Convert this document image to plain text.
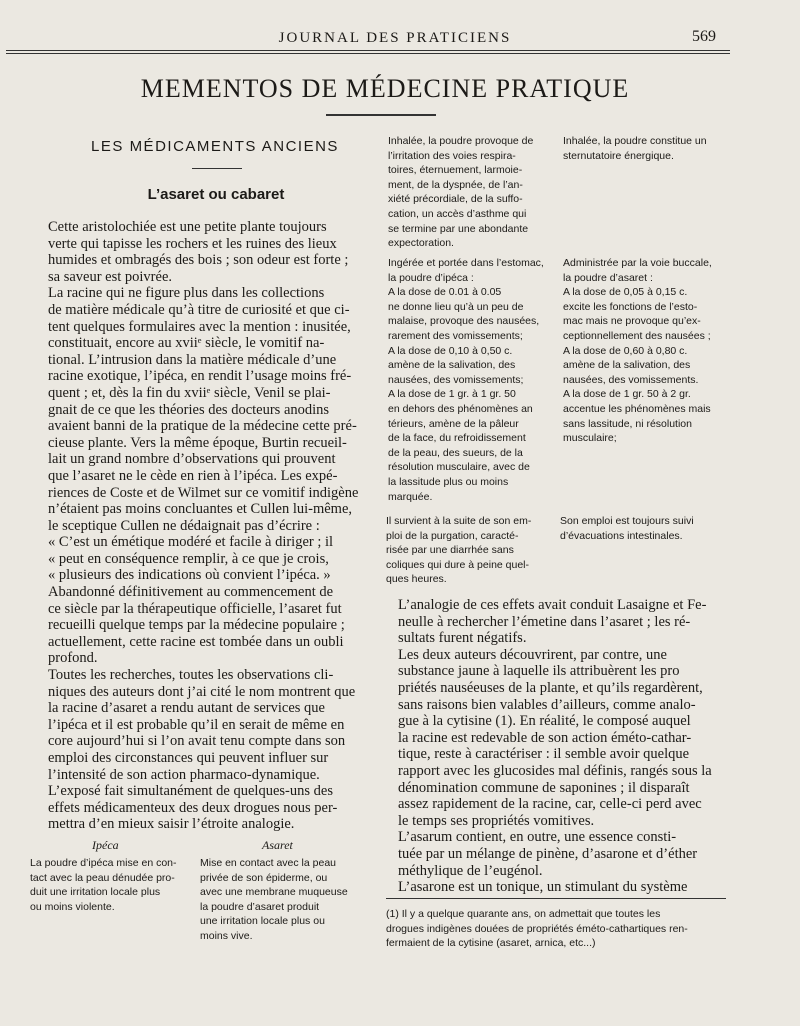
JOURNAL DES PRATICIENS	569
MEMENTOS DE MÉDECINE PRATIQUE
LES MÉDICAMENTS ANCIENS
L’asaret ou cabaret
Cette aristolochiée est une petite plante toujours
verte qui tapisse les rochers et les ruines des lieux
humides et ombragés des bois ; son odeur est forte ;
sa saveur est poivrée.
La racine qui ne figure plus dans les collections
de matière médicale qu’à titre de curiosité et que ci-
tent quelques formulaires avec la mention : inusitée,
constituait, encore au xviiᵉ siècle, le vomitif na-
tional. L’intrusion dans la matière médicale d’une
racine exotique, l’ipéca, en rendit l’usage moins fré-
quent ; et, dès la fin du xviiᵉ siècle, Venil se plai-
gnait de ce que les théories des docteurs anodins
avaient banni de la pratique de la médecine cette pré-
cieuse plante. Vers la même époque, Burtin recueil-
lait un grand nombre d’observations qui prouvent
que l’asaret ne le cède en rien à l’ipéca. Les expé-
riences de Coste et de Wilmet sur ce vomitif indigène
n’étaient pas moins concluantes et Cullen lui-même,
le sceptique Cullen ne dédaignait pas d’écrire :
« C’est un émétique modéré et facile à diriger ; il
« peut en conséquence remplir, à ce que je crois,
« plusieurs des indications où convient l’ipéca. »
Abandonné définitivement au commencement de
ce siècle par la thérapeutique officielle, l’asaret fut
recueilli quelque temps par la médecine populaire ;
actuellement, cette racine est tombée dans un oubli
profond.
Toutes les recherches, toutes les observations cli-
niques des auteurs dont j’ai cité le nom montrent que
la racine d’asaret a rendu autant de services que
l’ipéca et il est probable qu’il en serait de même en
core aujourd’hui si l’on avait tenu compte dans son
emploi des circonstances qui peuvent influer sur
l’intensité de son action pharmaco-dynamique.
L’exposé fait simultanément de quelques-uns des
effets médicamenteux des deux drogues nous per-
mettra d’en mieux saisir l’étroite analogie.
Ipéca	Asaret
La poudre d’ipéca mise en con-
tact avec la peau dénudée pro-
duit une irritation locale plus
ou moins violente.
Mise en contact avec la peau
privée de son épiderme, ou
avec une membrane muqueuse
la poudre d’asaret produit
une irritation locale plus ou
moins vive.
Inhalée, la poudre provoque de
l’irritation des voies respira-
toires, éternuement, larmoie-
ment, de la dyspnée, de l’an-
xiété précordiale, de la suffo-
cation, un accès d’asthme qui
se termine par une abondante
expectoration.
Inhalée, la poudre constitue un
sternutatoire énergique.
Ingérée et portée dans l’estomac,
la poudre d’ipéca :
A la dose de 0.01 à 0.05
ne donne lieu qu’à un peu de
malaise, provoque des nausées,
rarement des vomissements;
A la dose de 0,10 à 0,50 c.
amène de la salivation, des
nausées, des vomissements;
A la dose de 1 gr. à 1 gr. 50
en dehors des phénomènes an
térieurs, amène de la pâleur
de la face, du refroidissement
de la peau, des sueurs, de la
résolution musculaire, avec de
la lassitude plus ou moins
marquée.
Administrée par la voie buccale,
la poudre d’asaret :
A la dose de 0,05 à 0,15 c.
excite les fonctions de l’esto-
mac mais ne provoque qu’ex-
ceptionnellement des nausées ;
A la dose de 0,60 à 0,80 c.
amène de la salivation, des
nausées, des vomissements.
A la dose de 1 gr. 50 à 2 gr.
accentue les phénomènes mais
sans lassitude, ni résolution
musculaire;
Il survient à la suite de son em-
ploi de la purgation, caracté-
risée par une diarrhée sans
coliques qui dure à peine quel-
ques heures.
Son emploi est toujours suivi
d’évacuations intestinales.
L’analogie de ces effets avait conduit Lasaigne et Fe-
neulle à rechercher l’émetine dans l’asaret ; les ré-
sultats furent négatifs.
Les deux auteurs découvrirent, par contre, une
substance jaune à laquelle ils attribuèrent les pro
priétés nauséeuses de la plante, et qu’ils regardèrent,
sans raisons bien valables d’ailleurs, comme analo-
gue à la cytisine (1). En réalité, le composé auquel
la racine est redevable de son action éméto-cathar-
tique, reste à caractériser : il semble avoir quelque
rapport avec les glucosides mal définis, rangés sous la
dénomination commune de saponines ; il disparaît
assez rapidement de la racine, car, celle-ci perd avec
le temps ses propriétés vomitives.
L’asarum contient, en outre, une essence consti-
tuée par un mélange de pinène, d’asarone et d’éther
méthylique de l’eugénol.
L’asarone est un tonique, un stimulant du système
(1) Il y a quelque quarante ans, on admettait que toutes les
drogues indigènes douées de propriétés éméto-cathartiques ren-
fermaient de la cytisine (asaret, arnica, etc...)
